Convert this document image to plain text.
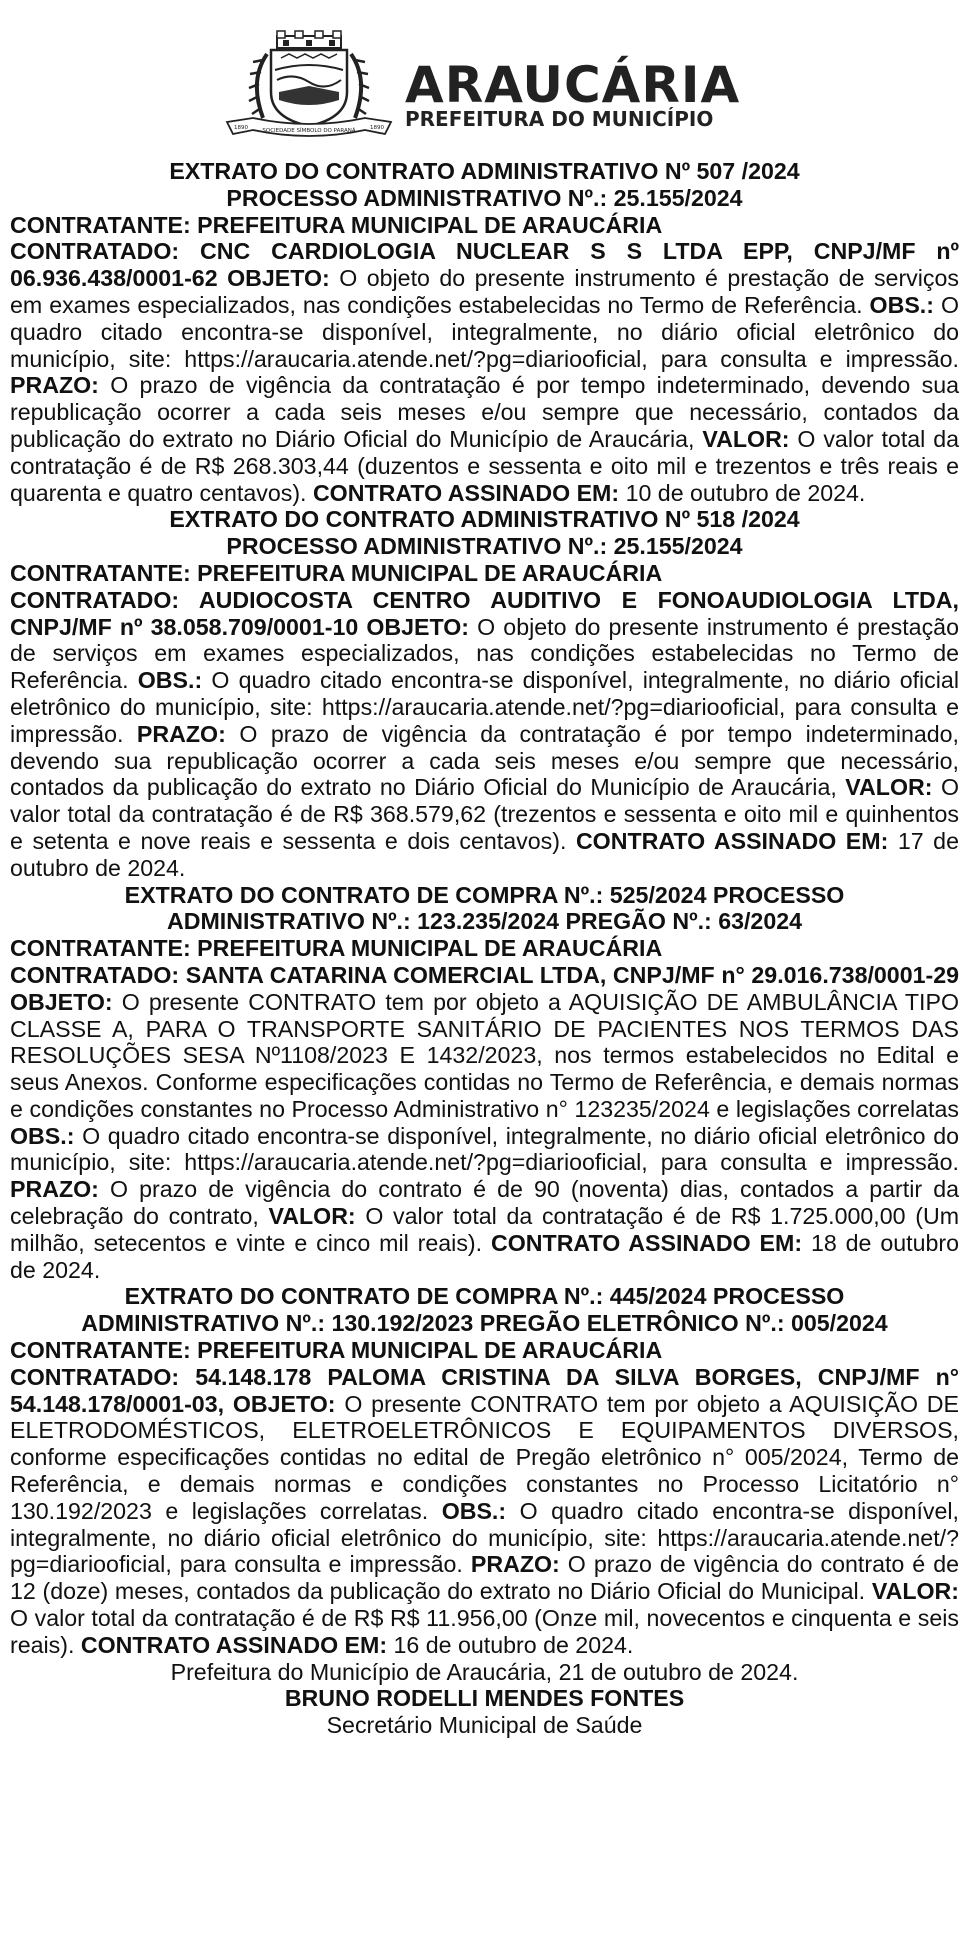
SOCIEDADE SÍMBOLO DO PARANÁ
1890	1890
ARAUCÁRIA
PREFEITURA DO MUNICÍPIO

EXTRATO DO CONTRATO ADMINISTRATIVO Nº 507 /2024

PROCESSO ADMINISTRATIVO Nº.: 25.155/2024

CONTRATANTE: PREFEITURA MUNICIPAL DE ARAUCÁRIA

CONTRATADO: CNC CARDIOLOGIA NUCLEAR S S LTDA EPP, CNPJ/MF nº 06.936.438/0001-62 OBJETO: O objeto do presente instrumento é prestação de serviços em exames especializados, nas condições estabelecidas no Termo de Referência. OBS.: O quadro citado encontra-se disponível, integralmente, no diário oficial eletrônico do município, site: https://araucaria.atende.net/?pg=diariooficial, para consulta e impressão. PRAZO: O prazo de vigência da contratação é por tempo indeterminado, devendo sua republicação ocorrer a cada seis meses e/ou sempre que necessário, contados da publicação do extrato no Diário Oficial do Município de Araucária, VALOR: O valor total da contratação é de R$ 268.303,44 (duzentos e sessenta e oito mil e trezentos e três reais e quarenta e quatro centavos). CONTRATO ASSINADO EM: 10 de outubro de 2024.

EXTRATO DO CONTRATO ADMINISTRATIVO Nº 518 /2024

PROCESSO ADMINISTRATIVO Nº.: 25.155/2024

CONTRATANTE: PREFEITURA MUNICIPAL DE ARAUCÁRIA

CONTRATADO: AUDIOCOSTA CENTRO AUDITIVO E FONOAUDIOLOGIA LTDA, CNPJ/MF nº 38.058.709/0001-10 OBJETO: O objeto do presente instrumento é prestação de serviços em exames especializados, nas condições estabelecidas no Termo de Referência. OBS.: O quadro citado encontra-se disponível, integralmente, no diário oficial eletrônico do município, site: https://araucaria.atende.net/?pg=diariooficial, para consulta e impressão. PRAZO: O prazo de vigência da contratação é por tempo indeterminado, devendo sua republicação ocorrer a cada seis meses e/ou sempre que necessário, contados da publicação do extrato no Diário Oficial do Município de Araucária, VALOR: O valor total da contratação é de R$ 368.579,62 (trezentos e sessenta e oito mil e quinhentos e setenta e nove reais e sessenta e dois centavos). CONTRATO ASSINADO EM: 17 de outubro de 2024.

EXTRATO DO CONTRATO DE COMPRA Nº.: 525/2024 PROCESSO

ADMINISTRATIVO Nº.: 123.235/2024 PREGÃO Nº.: 63/2024

CONTRATANTE: PREFEITURA MUNICIPAL DE ARAUCÁRIA

CONTRATADO: SANTA CATARINA COMERCIAL LTDA, CNPJ/MF n° 29.016.738/0001-29 OBJETO: O presente CONTRATO tem por objeto a AQUISIÇÃO DE AMBULÂNCIA TIPO CLASSE A, PARA O TRANSPORTE SANITÁRIO DE PACIENTES NOS TERMOS DAS RESOLUÇÕES SESA Nº1108/2023 E 1432/2023, nos termos estabelecidos no Edital e seus Anexos. Conforme especificações contidas no Termo de Referência, e demais normas e condições constantes no Processo Administrativo n° 123235/2024 e legislações correlatas OBS.: O quadro citado encontra-se disponível, integralmente, no diário oficial eletrônico do município, site: https://araucaria.atende.net/?pg=diariooficial, para consulta e impressão. PRAZO: O prazo de vigência do contrato é de 90 (noventa) dias, contados a partir da celebração do contrato, VALOR: O valor total da contratação é de R$ 1.725.000,00 (Um milhão, setecentos e vinte e cinco mil reais). CONTRATO ASSINADO EM: 18 de outubro de 2024.

EXTRATO DO CONTRATO DE COMPRA Nº.: 445/2024 PROCESSO

ADMINISTRATIVO Nº.: 130.192/2023 PREGÃO ELETRÔNICO Nº.: 005/2024

CONTRATANTE: PREFEITURA MUNICIPAL DE ARAUCÁRIA

CONTRATADO: 54.148.178 PALOMA CRISTINA DA SILVA BORGES, CNPJ/MF n° 54.148.178/0001-03, OBJETO: O presente CONTRATO tem por objeto a AQUISIÇÃO DE ELETRODOMÉSTICOS, ELETROELETRÔNICOS E EQUIPAMENTOS DIVERSOS, conforme especificações contidas no edital de Pregão eletrônico n° 005/2024, Termo de Referência, e demais normas e condições constantes no Processo Licitatório n° 130.192/2023 e legislações correlatas. OBS.: O quadro citado encontra-se disponível, integralmente, no diário oficial eletrônico do município, site: https://araucaria.atende.net/?pg=diariooficial, para consulta e impressão. PRAZO: O prazo de vigência do contrato é de 12 (doze) meses, contados da publicação do extrato no Diário Oficial do Municipal. VALOR: O valor total da contratação é de R$ R$ 11.956,00 (Onze mil, novecentos e cinquenta e seis reais). CONTRATO ASSINADO EM: 16 de outubro de 2024.

Prefeitura do Município de Araucária, 21 de outubro de 2024.

BRUNO RODELLI MENDES FONTES

Secretário Municipal de Saúde
